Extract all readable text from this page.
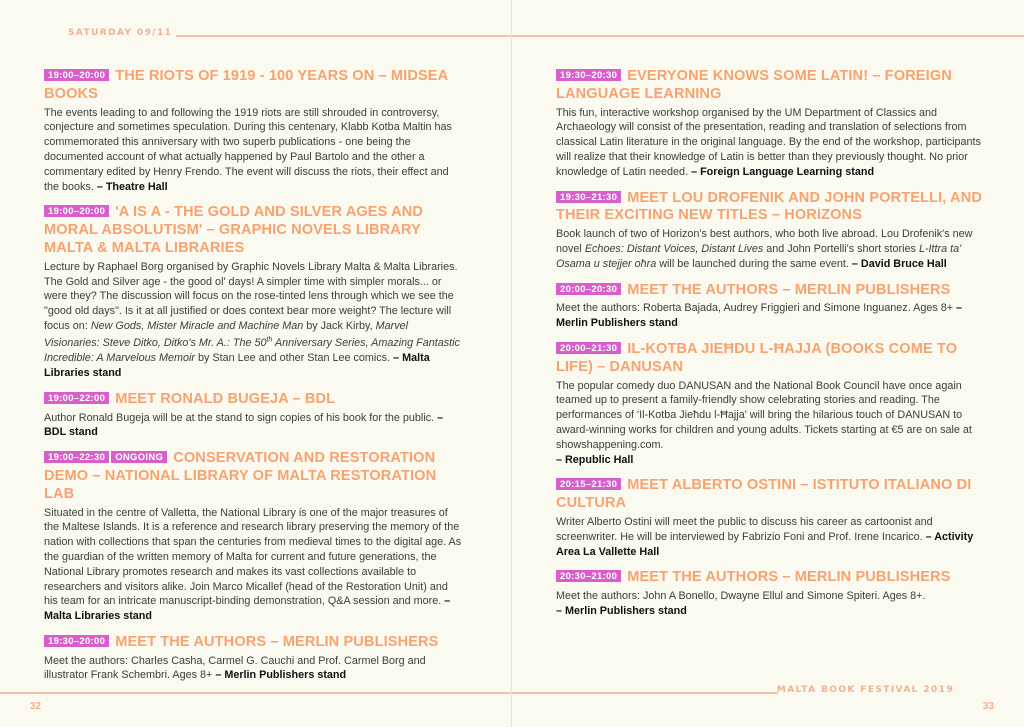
SATURDAY 09/11
19:00–20:00 THE RIOTS OF 1919 - 100 YEARS ON – MIDSEA BOOKS
The events leading to and following the 1919 riots are still shrouded in controversy, conjecture and sometimes speculation. During this centenary, Klabb Kotba Maltin has commemorated this anniversary with two superb publications - one being the documented account of what actually happened by Paul Bartolo and the other a commentary edited by Henry Frendo. The event will discuss the riots, their effect and the books. – Theatre Hall
19:00–20:00 'A IS A - THE GOLD AND SILVER AGES AND MORAL ABSOLUTISM' – GRAPHIC NOVELS LIBRARY MALTA & MALTA LIBRARIES
Lecture by Raphael Borg organised by Graphic Novels Library Malta & Malta Libraries. The Gold and Silver age - the good ol' days! A simpler time with simpler morals... or were they? The discussion will focus on the rose-tinted lens through which we see the "good old days". Is it at all justified or does context bear more weight? The lecture will focus on: New Gods, Mister Miracle and Machine Man by Jack Kirby, Marvel Visionaries: Steve Ditko, Ditko's Mr. A.: The 50th Anniversary Series, Amazing Fantastic Incredible: A Marvelous Memoir by Stan Lee and other Stan Lee comics. – Malta Libraries stand
19:00–22:00 MEET RONALD BUGEJA – BDL
Author Ronald Bugeja will be at the stand to sign copies of his book for the public. – BDL stand
19:00–22:30 ONGOING CONSERVATION AND RESTORATION DEMO – NATIONAL LIBRARY OF MALTA RESTORATION LAB
Situated in the centre of Valletta, the National Library is one of the major treasures of the Maltese Islands. It is a reference and research library preserving the memory of the nation with collections that span the centuries from medieval times to the digital age. As the guardian of the written memory of Malta for current and future generations, the National Library promotes research and makes its vast collections available to researchers and visitors alike. Join Marco Micallef (head of the Restoration Unit) and his team for an intricate manuscript-binding demonstration, Q&A session and more. – Malta Libraries stand
19:30–20:00 MEET THE AUTHORS – MERLIN PUBLISHERS
Meet the authors: Charles Casha, Carmel G. Cauchi and Prof. Carmel Borg and illustrator Frank Schembri. Ages 8+ – Merlin Publishers stand
32
19:30–20:30 EVERYONE KNOWS SOME LATIN! – FOREIGN LANGUAGE LEARNING
This fun, interactive workshop organised by the UM Department of Classics and Archaeology will consist of the presentation, reading and translation of selections from classical Latin literature in the original language. By the end of the workshop, participants will realize that their knowledge of Latin is better than they previously thought. No prior knowledge of Latin needed. – Foreign Language Learning stand
19:30–21:30 MEET LOU DROFENIK AND JOHN PORTELLI, AND THEIR EXCITING NEW TITLES – HORIZONS
Book launch of two of Horizon's best authors, who both live abroad. Lou Drofenik's new novel Echoes: Distant Voices, Distant Lives and John Portelli's short stories L-Ittra ta' Osama u stejjer oħra will be launched during the same event. – David Bruce Hall
20:00–20:30 MEET THE AUTHORS – MERLIN PUBLISHERS
Meet the authors: Roberta Bajada, Audrey Friggieri and Simone Inguanez. Ages 8+ – Merlin Publishers stand
20:00–21:30 IL-KOTBA JIEĦDU L-ĦAJJA (BOOKS COME TO LIFE) – DANUSAN
The popular comedy duo DANUSAN and the National Book Council have once again teamed up to present a family-friendly show celebrating stories and reading. The performances of 'Il-Kotba Jieħdu l-Ħajja' will bring the hilarious touch of DANUSAN to award-winning works for children and young adults. Tickets starting at €5 are on sale at showshappening.com.
– Republic Hall
20:15–21:30 MEET ALBERTO OSTINI – ISTITUTO ITALIANO DI CULTURA
Writer Alberto Ostini will meet the public to discuss his career as cartoonist and screenwriter. He will be interviewed by Fabrizio Foni and Prof. Irene Incarico. – Activity Area La Vallette Hall
20:30–21:00 MEET THE AUTHORS – MERLIN PUBLISHERS
Meet the authors: John A Bonello, Dwayne Ellul and Simone Spiteri. Ages 8+.
– Merlin Publishers stand
MALTA BOOK FESTIVAL 2019
33
